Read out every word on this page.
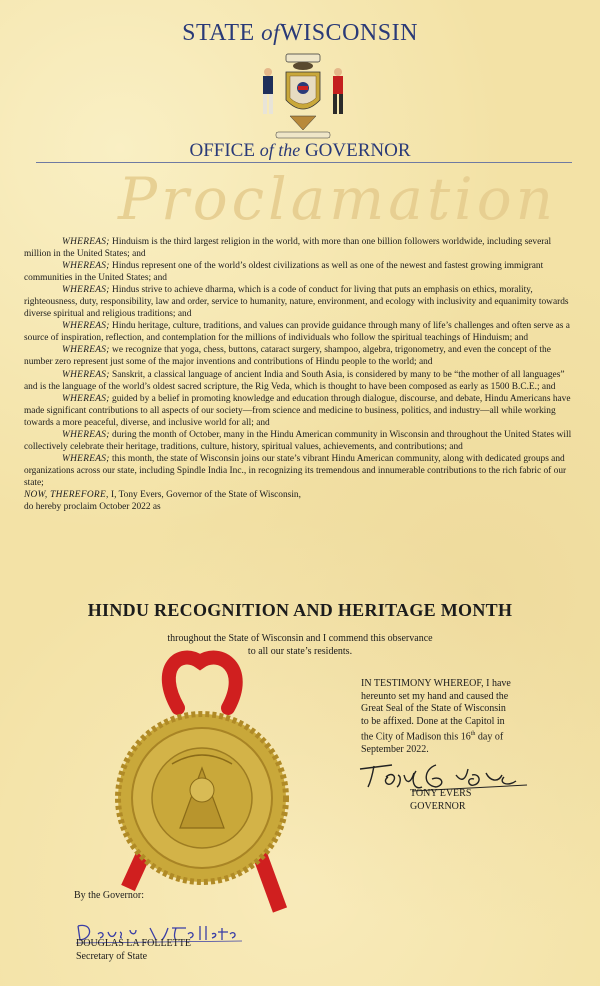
STATE ofWISCONSIN
OFFICE of the GOVERNOR
Proclamation

WHEREAS; Hinduism is the third largest religion in the world, with more than one billion followers worldwide, including several million in the United States; and

WHEREAS; Hindus represent one of the world’s oldest civilizations as well as one of the newest and fastest growing immigrant communities in the United States; and

WHEREAS; Hindus strive to achieve dharma, which is a code of conduct for living that puts an emphasis on ethics, morality, righteousness, duty, responsibility, law and order, service to humanity, nature, environment, and ecology with inclusivity and equanimity towards diverse spiritual and religious traditions; and

WHEREAS; Hindu heritage, culture, traditions, and values can provide guidance through many of life’s challenges and often serve as a source of inspiration, reflection, and contemplation for the millions of individuals who follow the spiritual teachings of Hinduism; and

WHEREAS; we recognize that yoga, chess, buttons, cataract surgery, shampoo, algebra, trigonometry, and even the concept of the number zero represent just some of the major inventions and contributions of Hindu people to the world; and

WHEREAS; Sanskrit, a classical language of ancient India and South Asia, is considered by many to be “the mother of all languages” and is the language of the world’s oldest sacred scripture, the Rig Veda, which is thought to have been composed as early as 1500 B.C.E.; and

WHEREAS; guided by a belief in promoting knowledge and education through dialogue, discourse, and debate, Hindu Americans have made significant contributions to all aspects of our society—from science and medicine to business, politics, and industry—all while working towards a more peaceful, diverse, and inclusive world for all; and

WHEREAS; during the month of October, many in the Hindu American community in Wisconsin and throughout the United States will collectively celebrate their heritage, traditions, culture, history, spiritual values, achievements, and contributions; and

WHEREAS; this month, the state of Wisconsin joins our state’s vibrant Hindu American community, along with dedicated groups and organizations across our state, including Spindle India Inc., in recognizing its tremendous and innumerable contributions to the rich fabric of our state;

NOW, THEREFORE, I, Tony Evers, Governor of the State of Wisconsin,

do hereby proclaim October 2022 as

HINDU RECOGNITION AND HERITAGE MONTH
throughout the State of Wisconsin and I commend this observance
to all our state’s residents.
IN TESTIMONY WHEREOF, I have
hereunto set my hand and caused the
Great Seal of the State of Wisconsin
to be affixed. Done at the Capitol in
the City of Madison this 16th day of
September 2022.
TONY EVERS
GOVERNOR
By the Governor:
DOUGLAS LA FOLLETTE
Secretary of State
